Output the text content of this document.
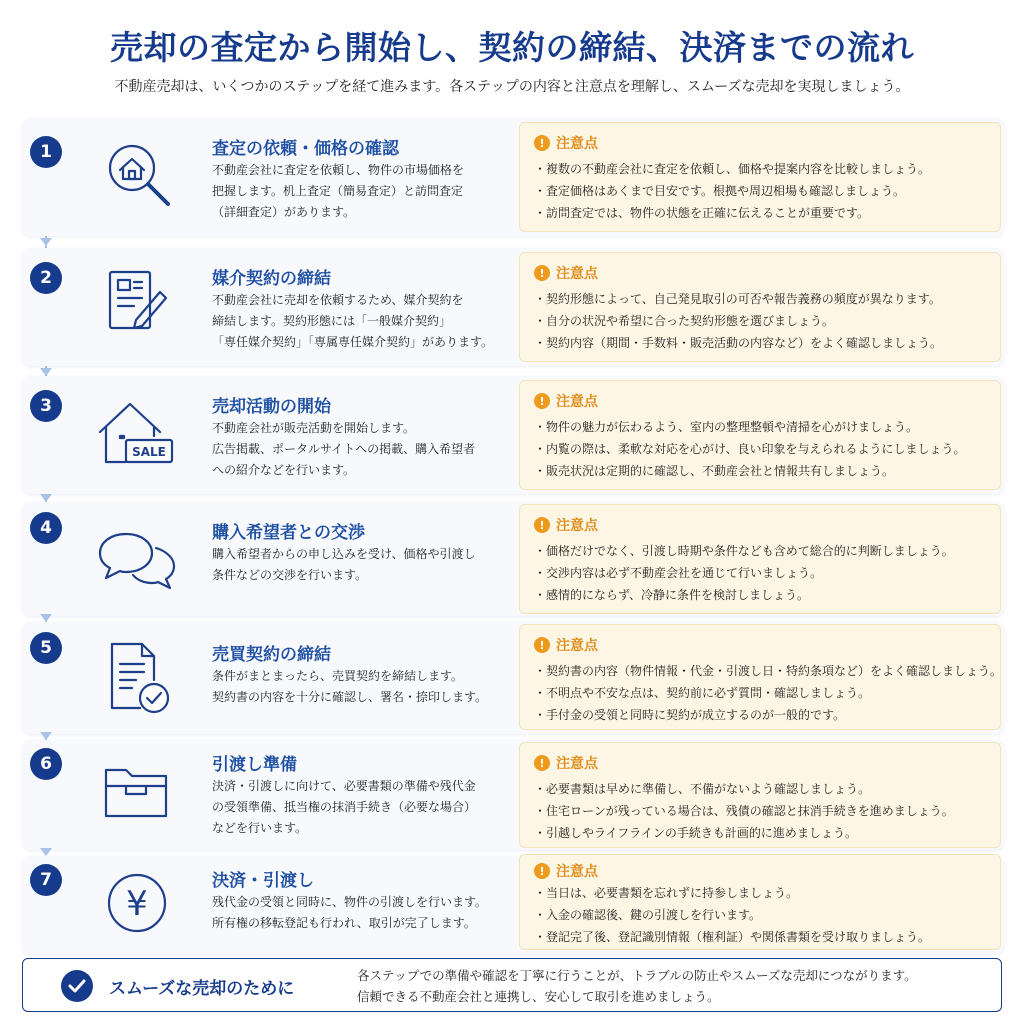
売却の査定から開始し、契約の締結、決済までの流れ
不動産売却は、いくつかのステップを経て進みます。各ステップの内容と注意点を理解し、スムーズな売却を実現しましょう。
1	査定の依頼・価格の確認
不動産会社に査定を依頼し、物件の市場価格を
把握します。机上査定（簡易査定）と訪問査定
（詳細査定）があります。
! 注意点
・ 複数の不動産会社に査定を依頼し、価格や提案内容を比較しましょう。
・ 査定価格はあくまで目安です。根拠や周辺相場も確認しましょう。
・ 訪問査定では、物件の状態を正確に伝えることが重要です。
2	媒介契約の締結
不動産会社に売却を依頼するため、媒介契約を
締結します。契約形態には「一般媒介契約」
「専任媒介契約」「専属専任媒介契約」があります。
! 注意点
・ 契約形態によって、自己発見取引の可否や報告義務の頻度が異なります。
・ 自分の状況や希望に合った契約形態を選びましょう。
・ 契約内容（期間・手数料・販売活動の内容など）をよく確認しましょう。
3
SALE
売却活動の開始
不動産会社が販売活動を開始します。
広告掲載、ポータルサイトへの掲載、購入希望者
への紹介などを行います。
! 注意点
・ 物件の魅力が伝わるよう、室内の整理整頓や清掃を心がけましょう。
・ 内覧の際は、柔軟な対応を心がけ、良い印象を与えられるようにしましょう。
・ 販売状況は定期的に確認し、不動産会社と情報共有しましょう。
4	購入希望者との交渉
購入希望者からの申し込みを受け、価格や引渡し
条件などの交渉を行います。
! 注意点
・ 価格だけでなく、引渡し時期や条件なども含めて総合的に判断しましょう。
・ 交渉内容は必ず不動産会社を通じて行いましょう。
・ 感情的にならず、冷静に条件を検討しましょう。
5	売買契約の締結
条件がまとまったら、売買契約を締結します。
契約書の内容を十分に確認し、署名・捺印します。
! 注意点
・ 契約書の内容（物件情報・代金・引渡し日・特約条項など）をよく確認しましょう。
・ 不明点や不安な点は、契約前に必ず質問・確認しましょう。
・ 手付金の受領と同時に契約が成立するのが一般的です。
6	引渡し準備
決済・引渡しに向けて、必要書類の準備や残代金
の受領準備、抵当権の抹消手続き（必要な場合）
などを行います。
! 注意点
・ 必要書類は早めに準備し、不備がないよう確認しましょう。
・ 住宅ローンが残っている場合は、残債の確認と抹消手続きを進めましょう。
・ 引越しやライフラインの手続きも計画的に進めましょう。
7
¥
決済・引渡し
残代金の受領と同時に、物件の引渡しを行います。
所有権の移転登記も行われ、取引が完了します。
! 注意点
・ 当日は、必要書類を忘れずに持参しましょう。
・ 入金の確認後、鍵の引渡しを行います。
・ 登記完了後、登記識別情報（権利証）や関係書類を受け取りましょう。
スムーズな売却のために
各ステップでの準備や確認を丁寧に行うことが、トラブルの防止やスムーズな売却につながります。
信頼できる不動産会社と連携し、安心して取引を進めましょう。
